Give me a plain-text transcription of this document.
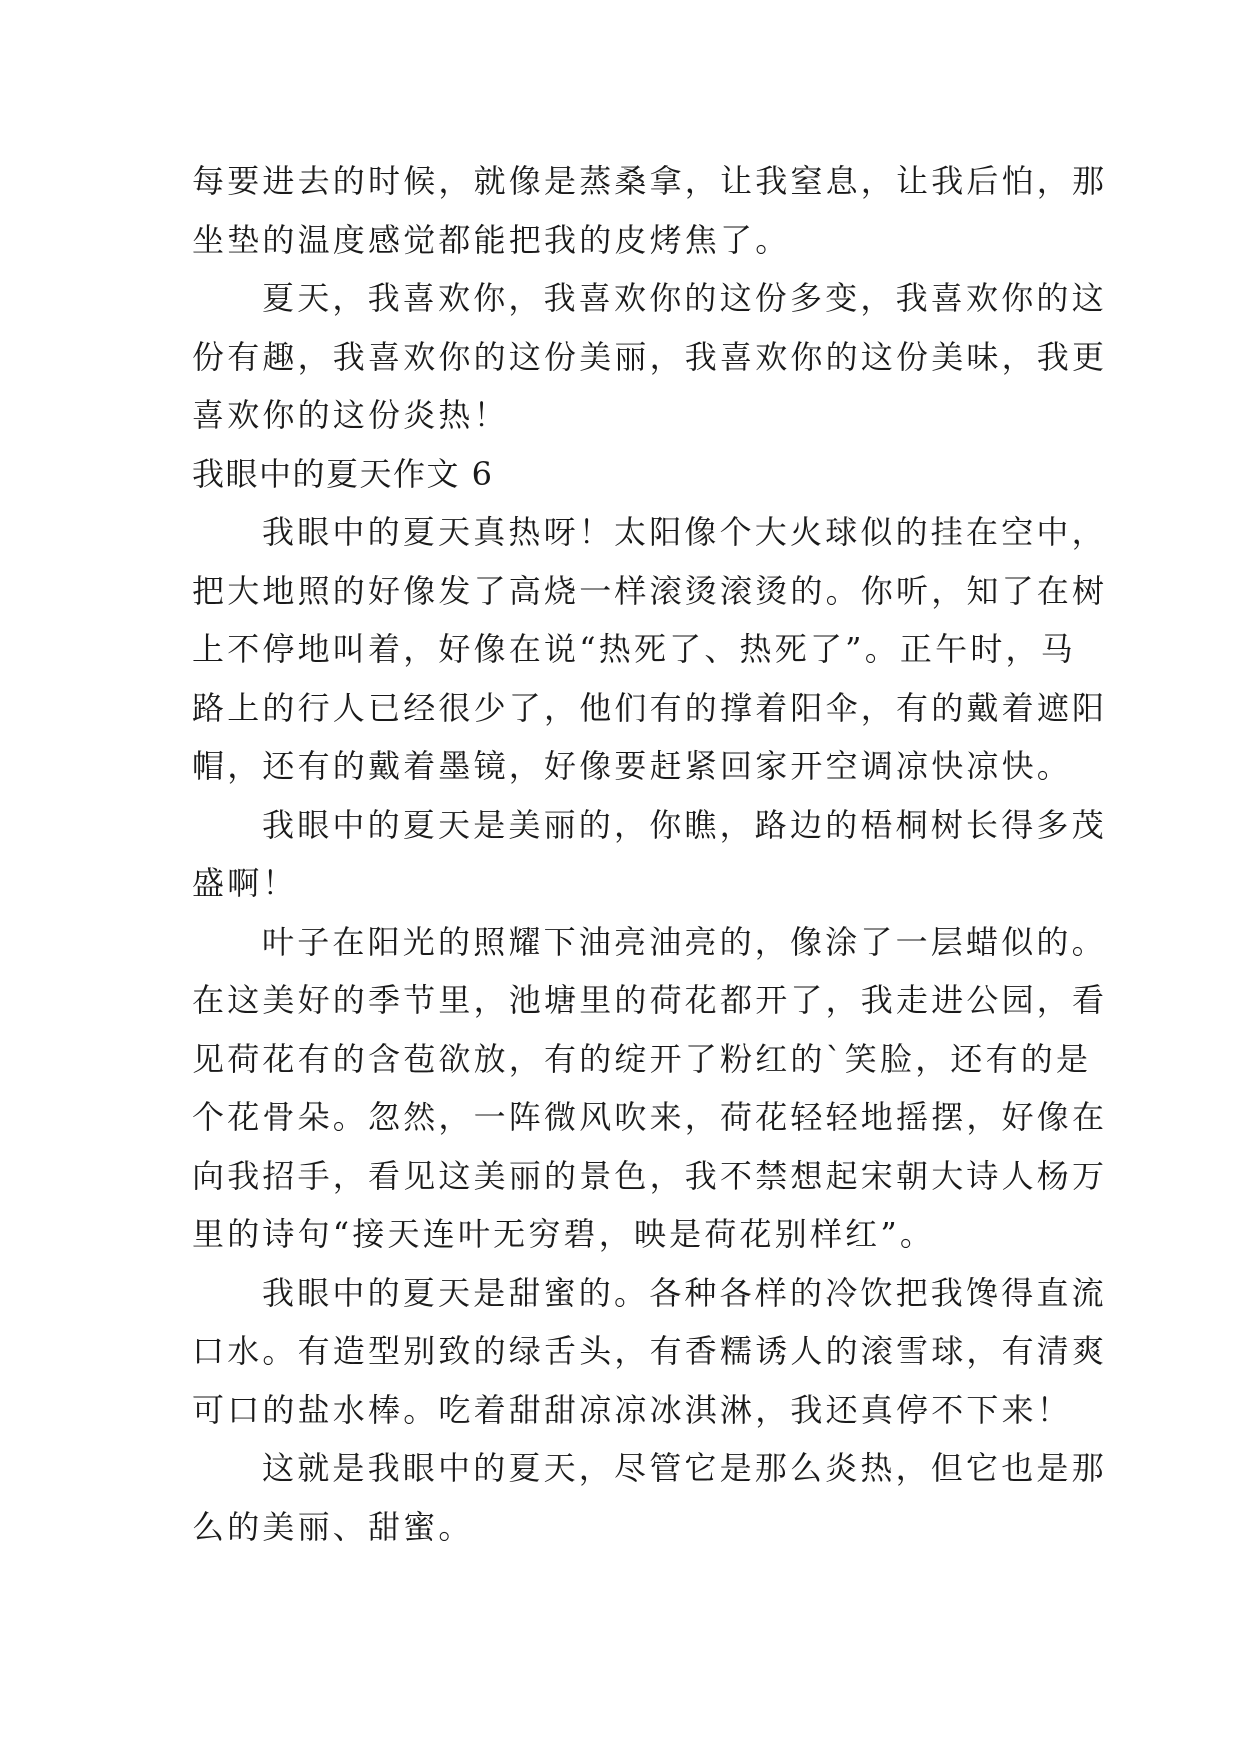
每要进去的时候，就像是蒸桑拿，让我窒息，让我后怕，那
坐垫的温度感觉都能把我的皮烤焦了。
夏天，我喜欢你，我喜欢你的这份多变，我喜欢你的这
份有趣，我喜欢你的这份美丽，我喜欢你的这份美味，我更
喜欢你的这份炎热！
我眼中的夏天作文 6
我眼中的夏天真热呀！太阳像个大火球似的挂在空中，
把大地照的好像发了高烧一样滚烫滚烫的。你听，知了在树
上不停地叫着，好像在说“热死了、热死了”。正午时，马
路上的行人已经很少了，他们有的撑着阳伞，有的戴着遮阳
帽，还有的戴着墨镜，好像要赶紧回家开空调凉快凉快。
我眼中的夏天是美丽的，你瞧，路边的梧桐树长得多茂
盛啊！
叶子在阳光的照耀下油亮油亮的，像涂了一层蜡似的。
在这美好的季节里，池塘里的荷花都开了，我走进公园，看
见荷花有的含苞欲放，有的绽开了粉红的`笑脸，还有的是
个花骨朵。忽然，一阵微风吹来，荷花轻轻地摇摆，好像在
向我招手，看见这美丽的景色，我不禁想起宋朝大诗人杨万
里的诗句“接天连叶无穷碧，映是荷花别样红”。
我眼中的夏天是甜蜜的。各种各样的冷饮把我馋得直流
口水。有造型别致的绿舌头，有香糯诱人的滚雪球，有清爽
可口的盐水棒。吃着甜甜凉凉冰淇淋，我还真停不下来！
这就是我眼中的夏天，尽管它是那么炎热，但它也是那
么的美丽、甜蜜。
